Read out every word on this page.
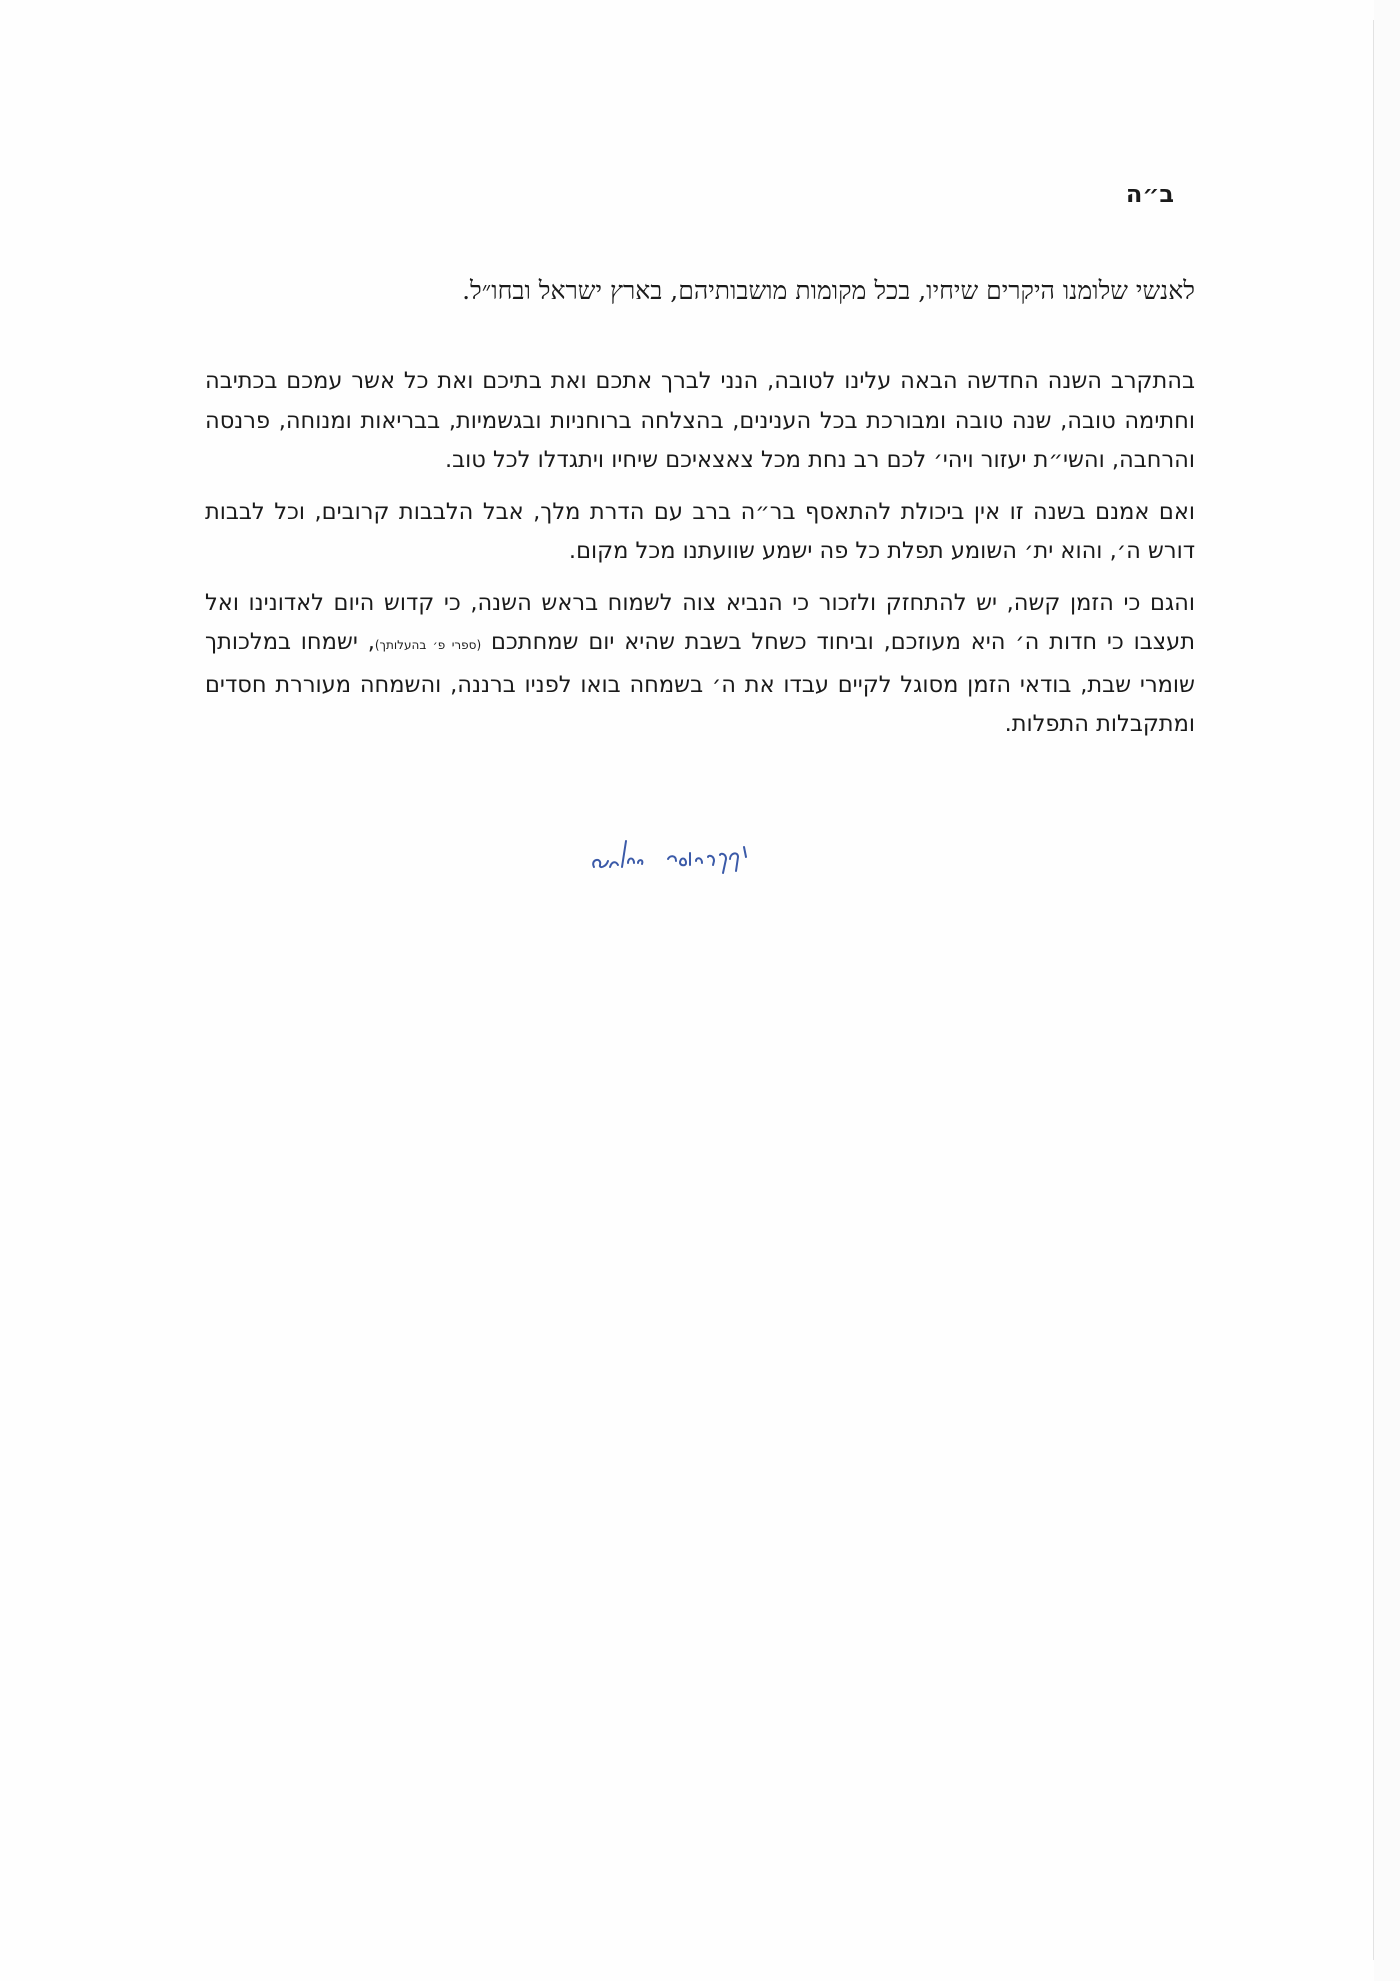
ב״ה
לאנשי שלומנו היקרים שיחיו, בכל מקומות מושבותיהם, בארץ ישראל ובחו״ל.

בהתקרב השנה החדשה הבאה עלינו לטובה, הנני לברך אתכם ואת בתיכם ואת כל אשר עמכם בכתיבה וחתימה טובה, שנה טובה ומבורכת בכל הענינים, בהצלחה ברוחניות ובגשמיות, בבריאות ומנוחה, פרנסה והרחבה, והשי״ת יעזור ויהי׳ לכם רב נחת מכל צאצאיכם שיחיו ויתגדלו לכל טוב.

ואם אמנם בשנה זו אין ביכולת להתאסף בר״ה ברב עם הדרת מלך, אבל הלבבות קרובים, וכל לבבות דורש ה׳, והוא ית׳ השומע תפלת כל פה ישמע שוועתנו מכל מקום.

והגם כי הזמן קשה, יש להתחזק ולזכור כי הנביא צוה לשמוח בראש השנה, כי קדוש היום לאדונינו ואל תעצבו כי חדות ה׳ היא מעוזכם, וביחוד כשחל בשבת שהיא יום שמחתכם (ספרי פ׳ בהעלותך), ישמחו במלכותך שומרי שבת, בודאי הזמן מסוגל לקיים עבדו את ה׳ בשמחה בואו לפניו ברננה, והשמחה מעוררת חסדים ומתקבלות התפלות.
